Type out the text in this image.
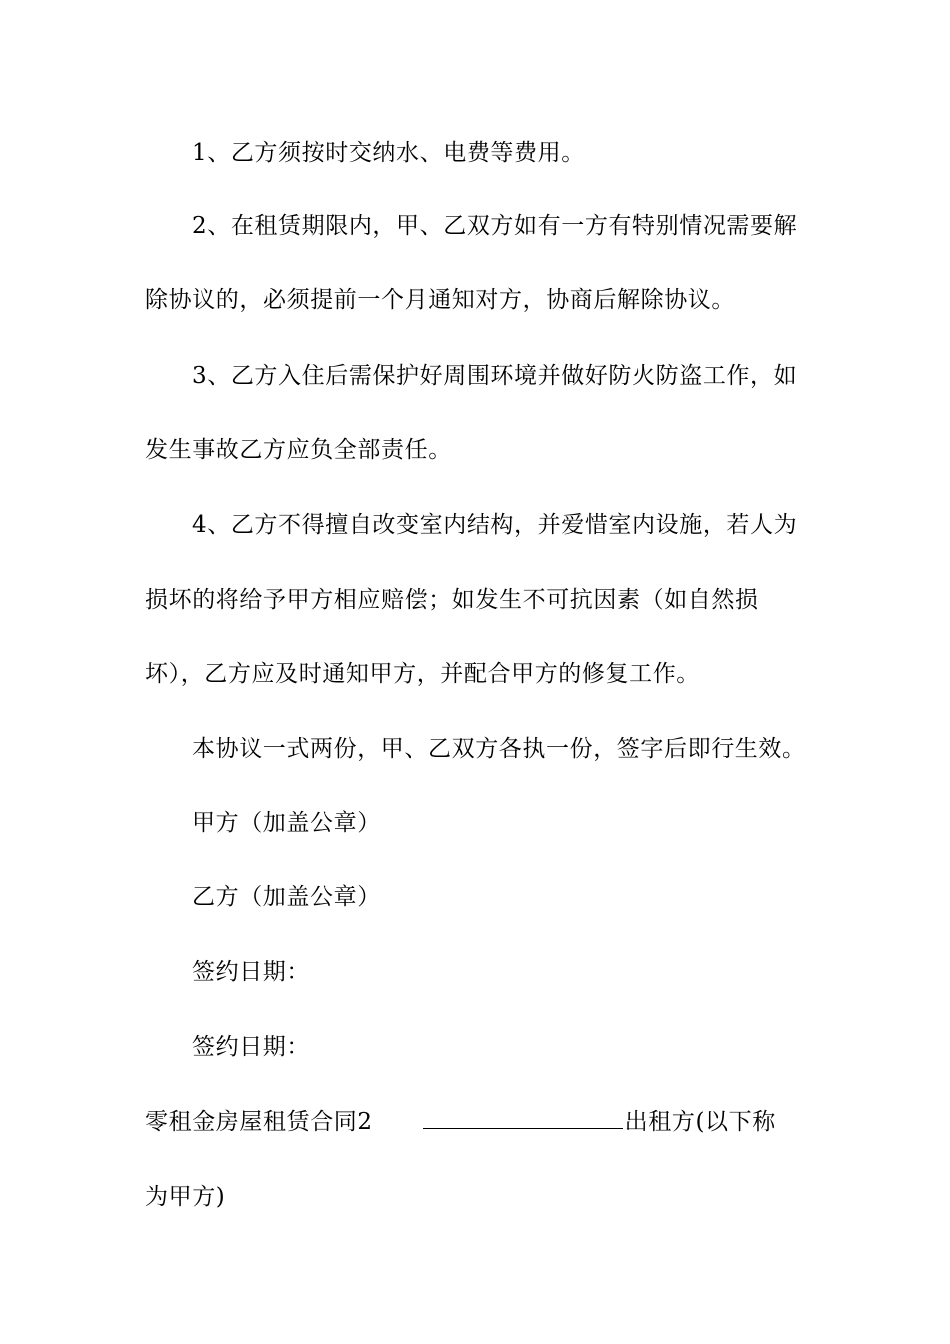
1、乙方须按时交纳水、电费等费用。
2、在租赁期限内，甲、乙双方如有一方有特别情况需要解
除协议的，必须提前一个月通知对方，协商后解除协议。
3、乙方入住后需保护好周围环境并做好防火防盗工作，如
发生事故乙方应负全部责任。
4、乙方不得擅自改变室内结构，并爱惜室内设施，若人为
损坏的将给予甲方相应赔偿；如发生不可抗因素（如自然损
坏），乙方应及时通知甲方，并配合甲方的修复工作。
本协议一式两份，甲、乙双方各执一份，签字后即行生效。
甲方（加盖公章）
乙方（加盖公章）
签约日期：
签约日期：
零租金房屋租赁合同2	出租方(以下称
为甲方)
